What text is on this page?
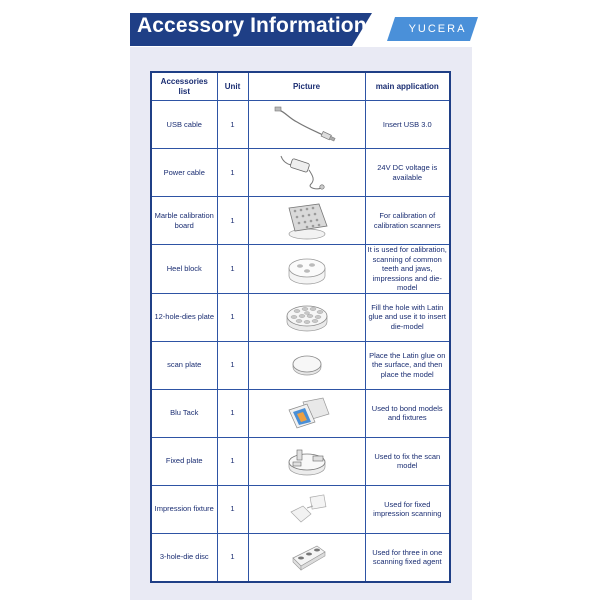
Accessory Information	YUCERA
Accessories list	Unit	Picture	main application
USB cable	1		Insert USB 3.0
Power cable	1		24V DC voltage is available
Marble calibration board	1		For calibration of calibration scanners
Heel block	1		It is used for calibration, scanning of common teeth and jaws, impressions and die-model
12-hole-dies plate	1		Fill the hole with Latin glue and use it to insert die-model
scan plate	1		Place the Latin glue on the surface, and then place the model
Blu Tack	1		Used to bond models and fixtures
Fixed plate	1		Used to fix the scan model
Impression fixture	1		Used for fixed impression scanning
3-hole-die disc	1		Used for three in one scanning fixed agent
